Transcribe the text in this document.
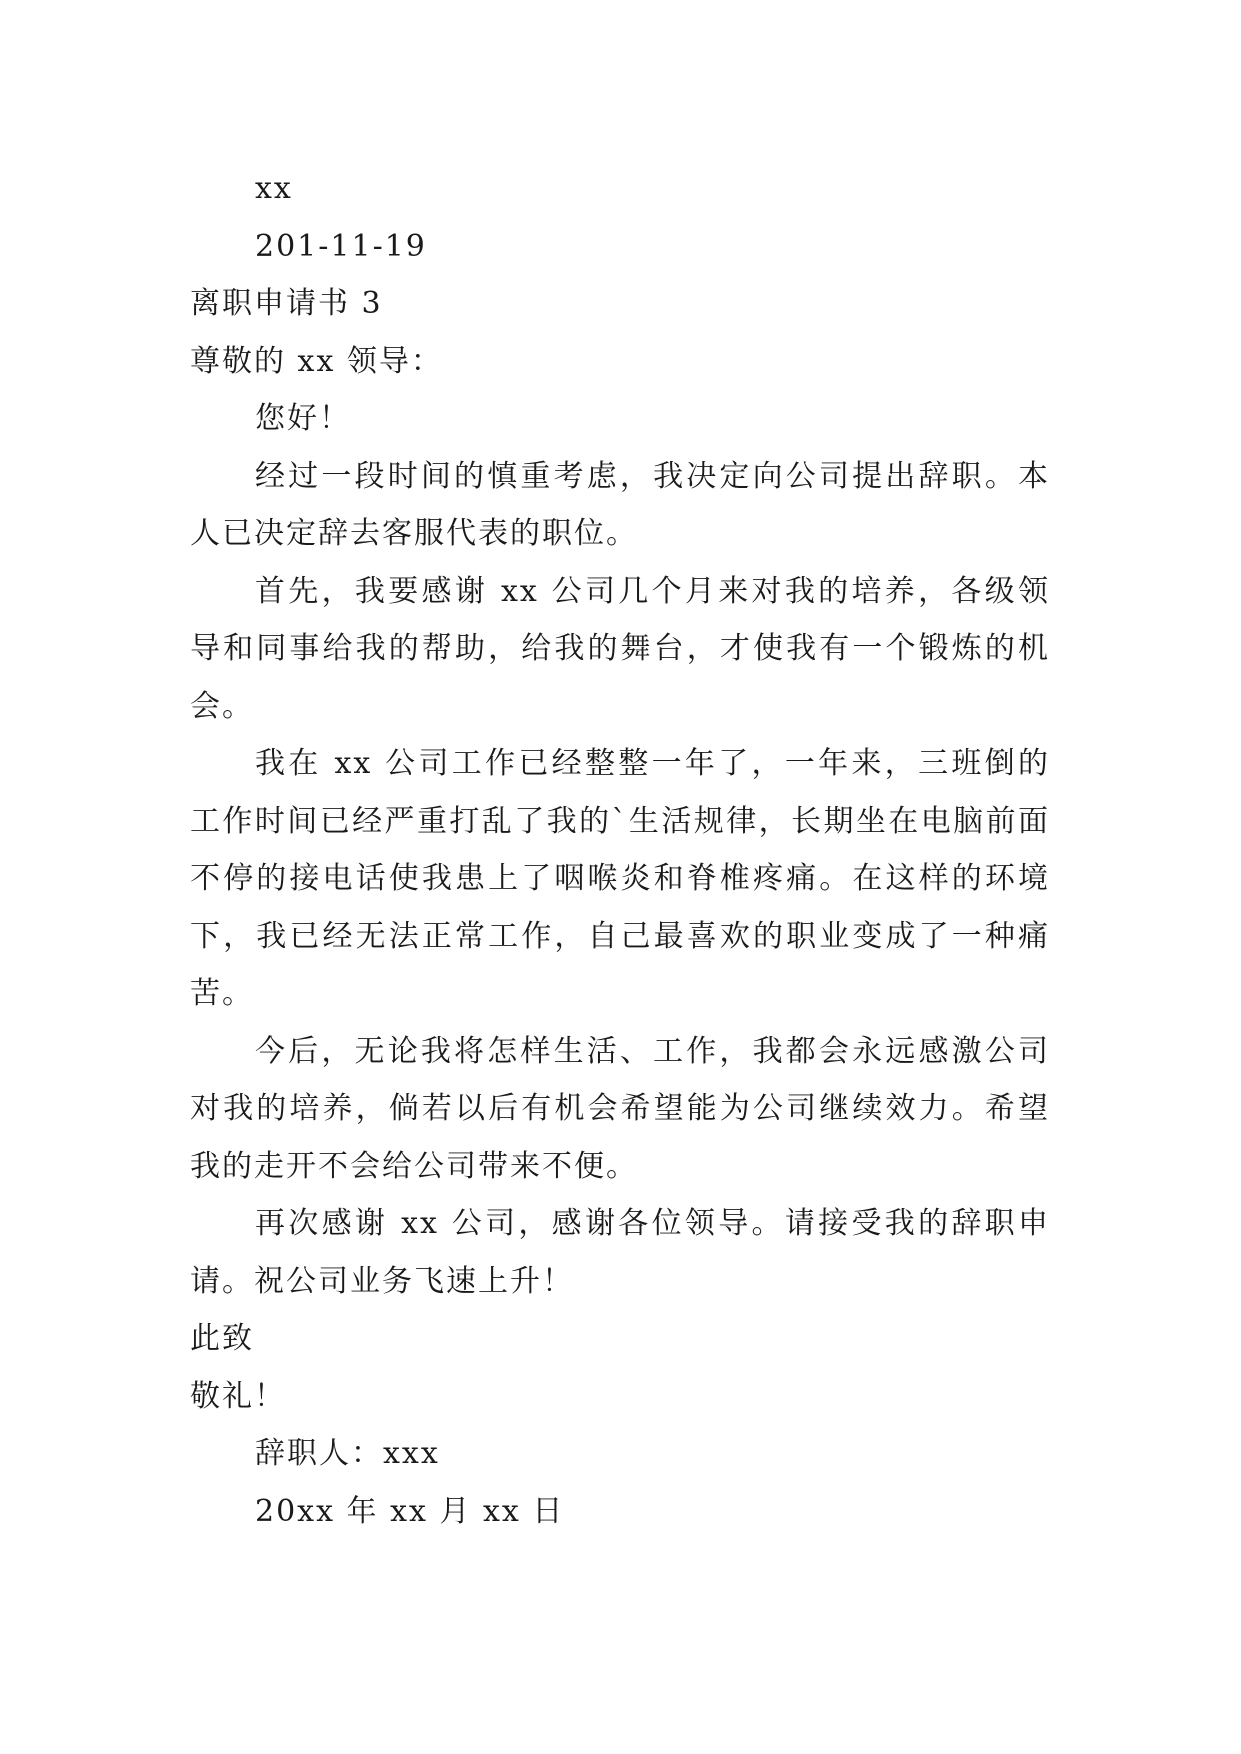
xx
201-11-19
离职申请书 3
尊敬的 xx 领导：
您好！

经过一段时间的慎重考虑，我决定向公司提出辞职。本人已决定辞去客服代表的职位。

首先，我要感谢 xx 公司几个月来对我的培养，各级领导和同事给我的帮助，给我的舞台，才使我有一个锻炼的机会。

我在 xx 公司工作已经整整一年了，一年来，三班倒的工作时间已经严重打乱了我的`生活规律，长期坐在电脑前面不停的接电话使我患上了咽喉炎和脊椎疼痛。在这样的环境下，我已经无法正常工作，自己最喜欢的职业变成了一种痛苦。

今后，无论我将怎样生活、工作，我都会永远感激公司对我的培养，倘若以后有机会希望能为公司继续效力。希望我的走开不会给公司带来不便。

再次感谢 xx 公司，感谢各位领导。请接受我的辞职申请。祝公司业务飞速上升！

此致
敬礼！
辞职人：xxx
20xx 年 xx 月 xx 日
